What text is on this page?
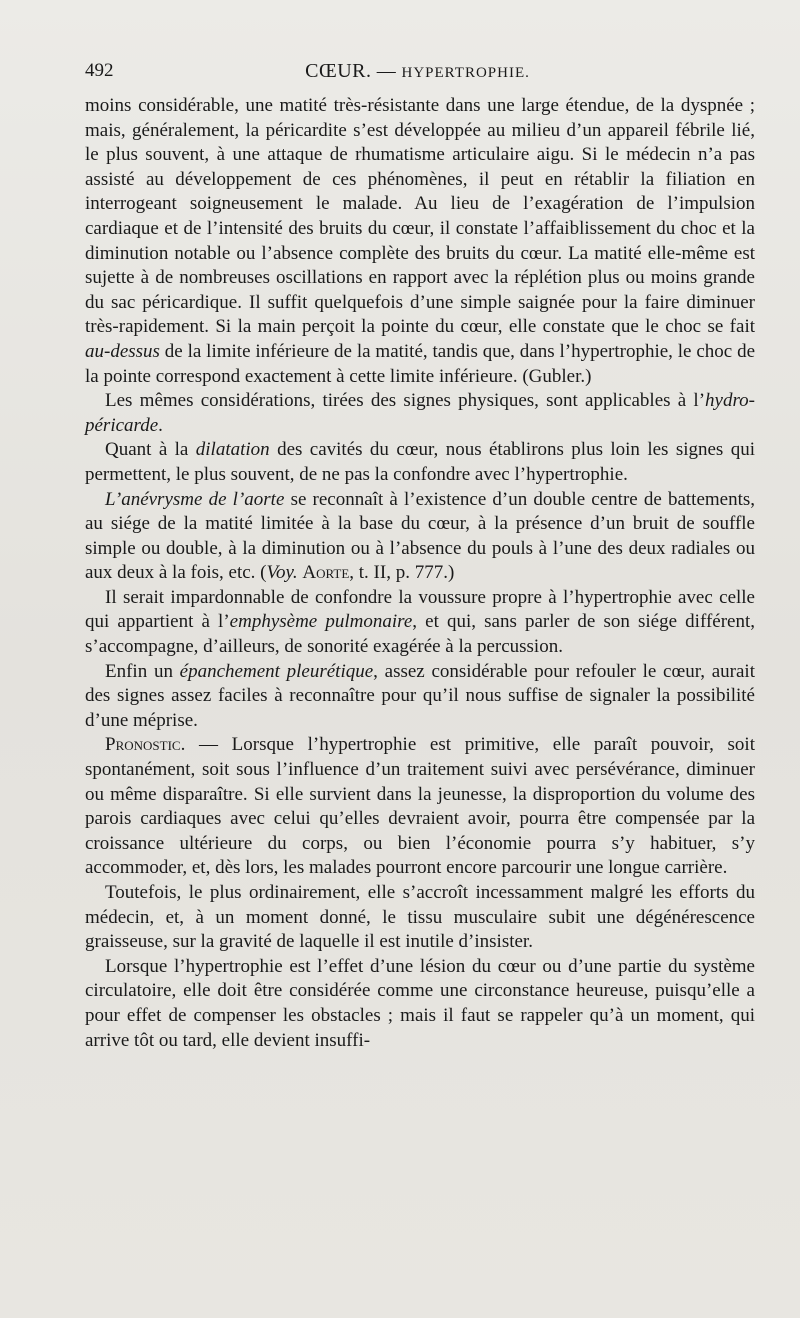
492	CŒUR. — HYPERTROPHIE.

moins considérable, une matité très-résistante dans une large étendue, de la dyspnée ; mais, généralement, la péricardite s’est développée au milieu d’un appareil fébrile lié, le plus souvent, à une attaque de rhumatisme articulaire aigu. Si le médecin n’a pas assisté au développement de ces phénomènes, il peut en rétablir la filiation en interrogeant soigneusement le malade. Au lieu de l’exagération de l’impulsion cardiaque et de l’intensité des bruits du cœur, il constate l’affaiblissement du choc et la diminution notable ou l’absence complète des bruits du cœur. La matité elle-même est sujette à de nombreuses oscillations en rapport avec la réplétion plus ou moins grande du sac péricardique. Il suffit quelquefois d’une simple saignée pour la faire diminuer très-rapidement. Si la main perçoit la pointe du cœur, elle constate que le choc se fait au-dessus de la limite inférieure de la matité, tandis que, dans l’hypertrophie, le choc de la pointe correspond exactement à cette limite inférieure. (Gubler.)

Les mêmes considérations, tirées des signes physiques, sont applicables à l’hydro-péricarde.

Quant à la dilatation des cavités du cœur, nous établirons plus loin les signes qui permettent, le plus souvent, de ne pas la confondre avec l’hypertrophie.

L’anévrysme de l’aorte se reconnaît à l’existence d’un double centre de battements, au siége de la matité limitée à la base du cœur, à la présence d’un bruit de souffle simple ou double, à la diminution ou à l’absence du pouls à l’une des deux radiales ou aux deux à la fois, etc. (Voy. Aorte, t. II, p. 777.)

Il serait impardonnable de confondre la voussure propre à l’hypertrophie avec celle qui appartient à l’emphysème pulmonaire, et qui, sans parler de son siége différent, s’accompagne, d’ailleurs, de sonorité exagérée à la percussion.

Enfin un épanchement pleurétique, assez considérable pour refouler le cœur, aurait des signes assez faciles à reconnaître pour qu’il nous suffise de signaler la possibilité d’une méprise.

Pronostic. — Lorsque l’hypertrophie est primitive, elle paraît pouvoir, soit spontanément, soit sous l’influence d’un traitement suivi avec persévérance, diminuer ou même disparaître. Si elle survient dans la jeunesse, la disproportion du volume des parois cardiaques avec celui qu’elles devraient avoir, pourra être compensée par la croissance ultérieure du corps, ou bien l’économie pourra s’y habituer, s’y accommoder, et, dès lors, les malades pourront encore parcourir une longue carrière.

Toutefois, le plus ordinairement, elle s’accroît incessamment malgré les efforts du médecin, et, à un moment donné, le tissu musculaire subit une dégénérescence graisseuse, sur la gravité de laquelle il est inutile d’insister.

Lorsque l’hypertrophie est l’effet d’une lésion du cœur ou d’une partie du système circulatoire, elle doit être considérée comme une circonstance heureuse, puisqu’elle a pour effet de compenser les obstacles ; mais il faut se rappeler qu’à un moment, qui arrive tôt ou tard, elle devient insuffi-
